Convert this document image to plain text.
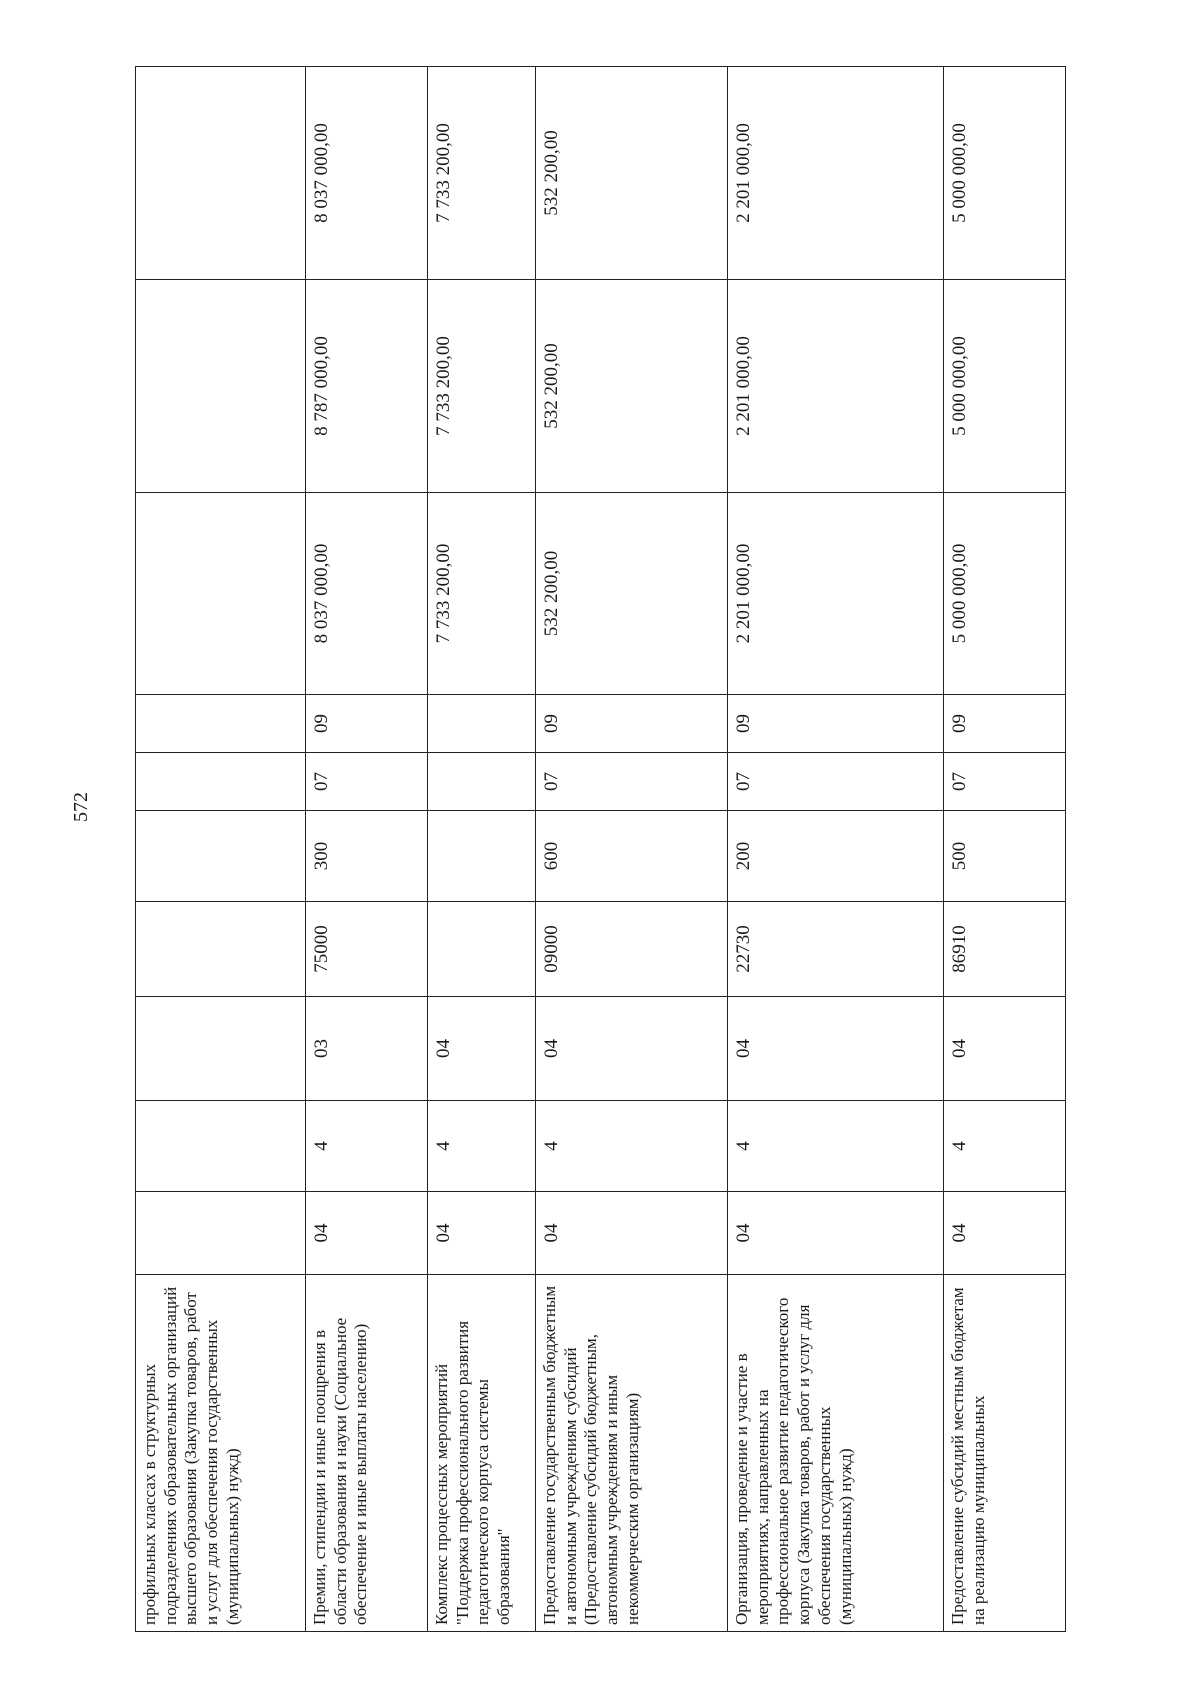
572
профильных классах в структурных подразделениях образовательных организаций высшего образования (Закупка товаров, работ и услуг для обеспечения государственных (муниципальных) нужд)										
Премии, стипендии и иные поощрения в области образования и науки (Социальное обеспечение и иные выплаты населению)	04	4	03	75000	300	07	09	8 037 000,00	8 787 000,00	8 037 000,00
Комплекс процессных мероприятий "Поддержка профессионального развития педагогического корпуса системы образования"	04	4	04					7 733 200,00	7 733 200,00	7 733 200,00
Предоставление государственным бюджетным и автономным учреждениям субсидий (Предоставление субсидий бюджетным, автономным учреждениям и иным некоммерческим организациям)	04	4	04	09000	600	07	09	532 200,00	532 200,00	532 200,00
Организация, проведение и участие в мероприятиях, направленных на профессиональное развитие педагогического корпуса (Закупка товаров, работ и услуг для обеспечения государственных (муниципальных) нужд)	04	4	04	22730	200	07	09	2 201 000,00	2 201 000,00	2 201 000,00
Предоставление субсидий местным бюджетам на реализацию муниципальных	04	4	04	86910	500	07	09	5 000 000,00	5 000 000,00	5 000 000,00
